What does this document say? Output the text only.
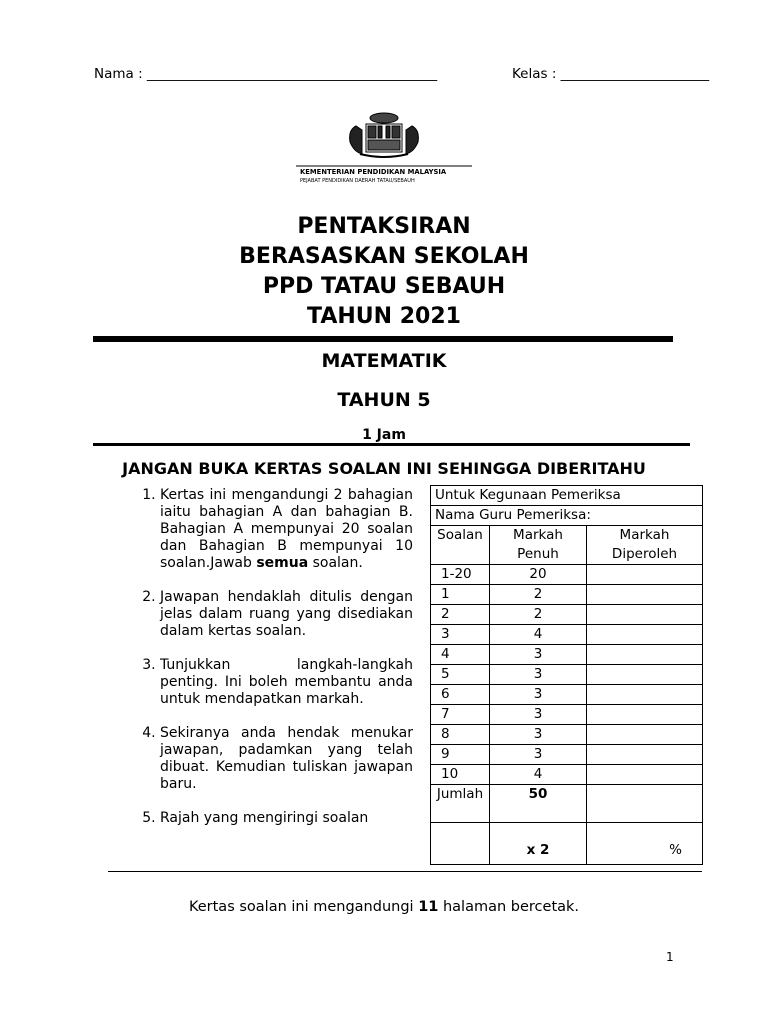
Nama : ___________________________________________	Kelas : ______________________
KEMENTERIAN PENDIDIKAN MALAYSIA
PEJABAT PENDIDIKAN DAERAH TATAU/SEBAUH
PENTAKSIRAN
BERASASKAN SEKOLAH
PPD TATAU SEBAUH
TAHUN 2021
MATEMATIK
TAHUN 5
1 Jam
JANGAN BUKA KERTAS SOALAN INI SEHINGGA DIBERITAHU
1. Kertas ini mengandungi 2 bahagian iaitu bahagian A dan bahagian B. Bahagian A mempunyai 20 soalan dan Bahagian B mempunyai 10 soalan.Jawab semua soalan.
2. Jawapan hendaklah ditulis dengan jelas dalam ruang yang disediakan dalam kertas soalan.
3. Tunjukkan langkah-langkah penting. Ini boleh membantu anda untuk mendapatkan markah.
4. Sekiranya anda hendak menukar jawapan, padamkan yang telah dibuat. Kemudian tuliskan jawapan baru.
5. Rajah yang mengiringi soalan
Untuk Kegunaan Pemeriksa		
Nama Guru Pemeriksa:		
Soalan	Markah Penuh	Markah Diperoleh
1-20	20	
1	2	
2	2	
3	4	
4	3	
5	3	
6	3	
7	3	
8	3	
9	3	
10	4	
Jumlah	50	
	x 2	%
Kertas soalan ini mengandungi 11 halaman bercetak.
1
